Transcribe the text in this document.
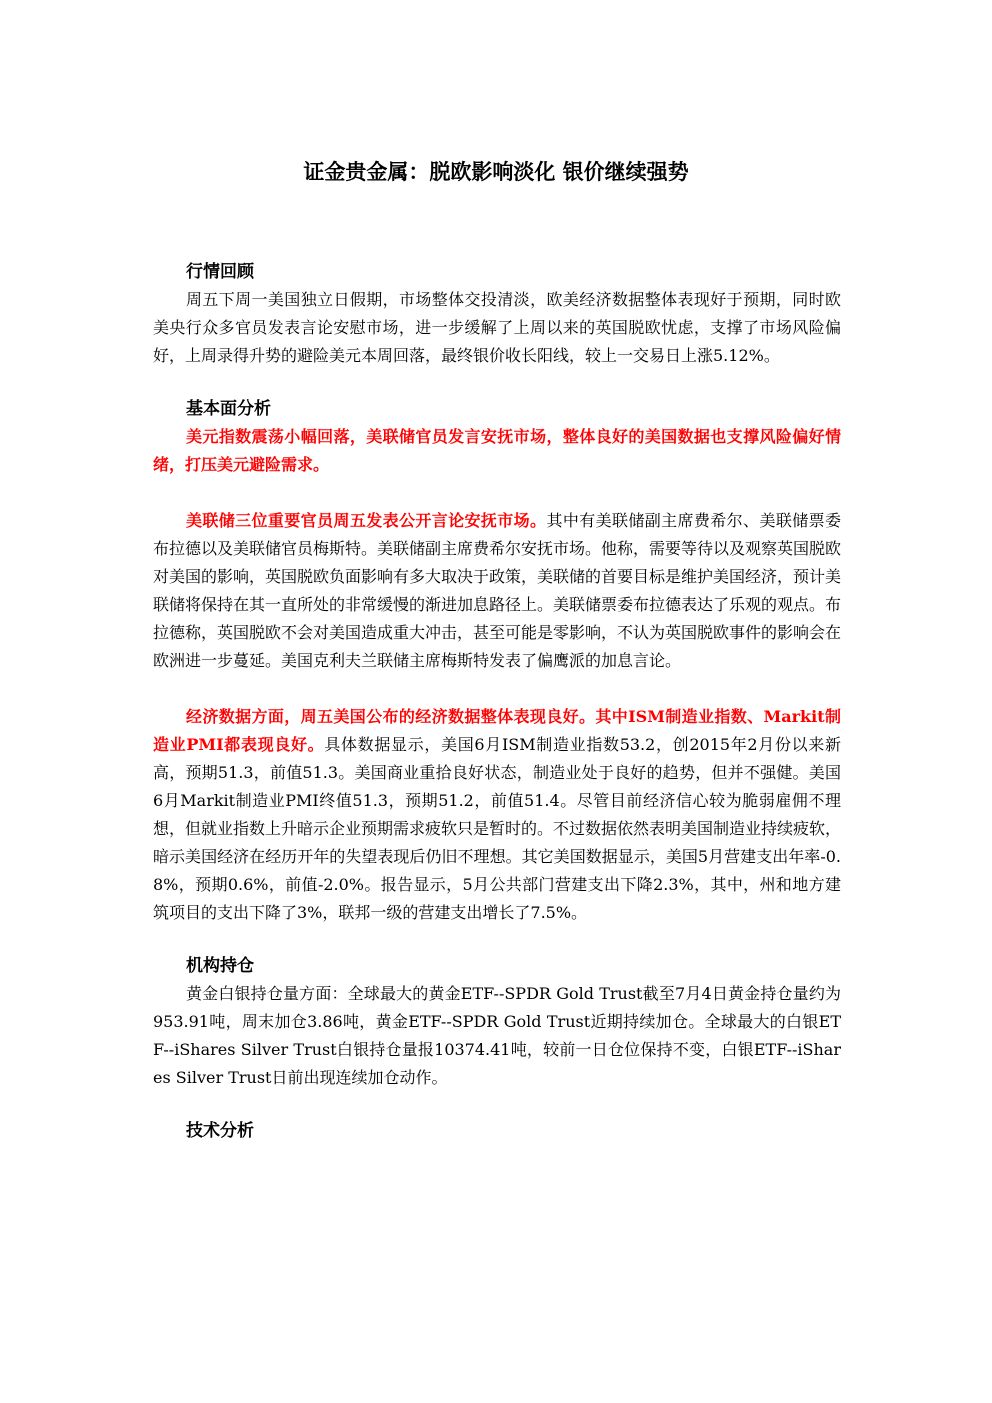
证金贵金属：脱欧影响淡化 银价继续强势
行情回顾

周五下周一美国独立日假期，市场整体交投清淡，欧美经济数据整体表现好于预期，同时欧美央行众多官员发表言论安慰市场，进一步缓解了上周以来的英国脱欧忧虑，支撑了市场风险偏好，上周录得升势的避险美元本周回落，最终银价收长阳线，较上一交易日上涨5.12%。

基本面分析

美元指数震荡小幅回落，美联储官员发言安抚市场，整体良好的美国数据也支撑风险偏好情绪，打压美元避险需求。

美联储三位重要官员周五发表公开言论安抚市场。其中有美联储副主席费希尔、美联储票委布拉德以及美联储官员梅斯特。美联储副主席费希尔安抚市场。他称，需要等待以及观察英国脱欧对美国的影响，英国脱欧负面影响有多大取决于政策，美联储的首要目标是维护美国经济，预计美联储将保持在其一直所处的非常缓慢的渐进加息路径上。美联储票委布拉德表达了乐观的观点。布拉德称，英国脱欧不会对美国造成重大冲击，甚至可能是零影响，不认为英国脱欧事件的影响会在欧洲进一步蔓延。美国克利夫兰联储主席梅斯特发表了偏鹰派的加息言论。

经济数据方面，周五美国公布的经济数据整体表现良好。其中ISM制造业指数、Markit制造业PMI都表现良好。具体数据显示，美国6月ISM制造业指数53.2，创2015年2月份以来新高，预期51.3，前值51.3。美国商业重拾良好状态，制造业处于良好的趋势，但并不强健。美国6月Markit制造业PMI终值51.3，预期51.2，前值51.4。尽管目前经济信心较为脆弱雇佣不理想，但就业指数上升暗示企业预期需求疲软只是暂时的。不过数据依然表明美国制造业持续疲软，暗示美国经济在经历开年的失望表现后仍旧不理想。其它美国数据显示，美国5月营建支出年率-0.8%，预期0.6%，前值-2.0%。报告显示，5月公共部门营建支出下降2.3%，其中，州和地方建筑项目的支出下降了3%，联邦一级的营建支出增长了7.5%。

机构持仓

黄金白银持仓量方面：全球最大的黄金ETF--SPDR Gold Trust截至7月4日黄金持仓量约为953.91吨，周末加仓3.86吨，黄金ETF--SPDR Gold Trust近期持续加仓。全球最大的白银ETF--iShares Silver Trust白银持仓量报10374.41吨，较前一日仓位保持不变，白银ETF--iShares Silver Trust日前出现连续加仓动作。

技术分析
